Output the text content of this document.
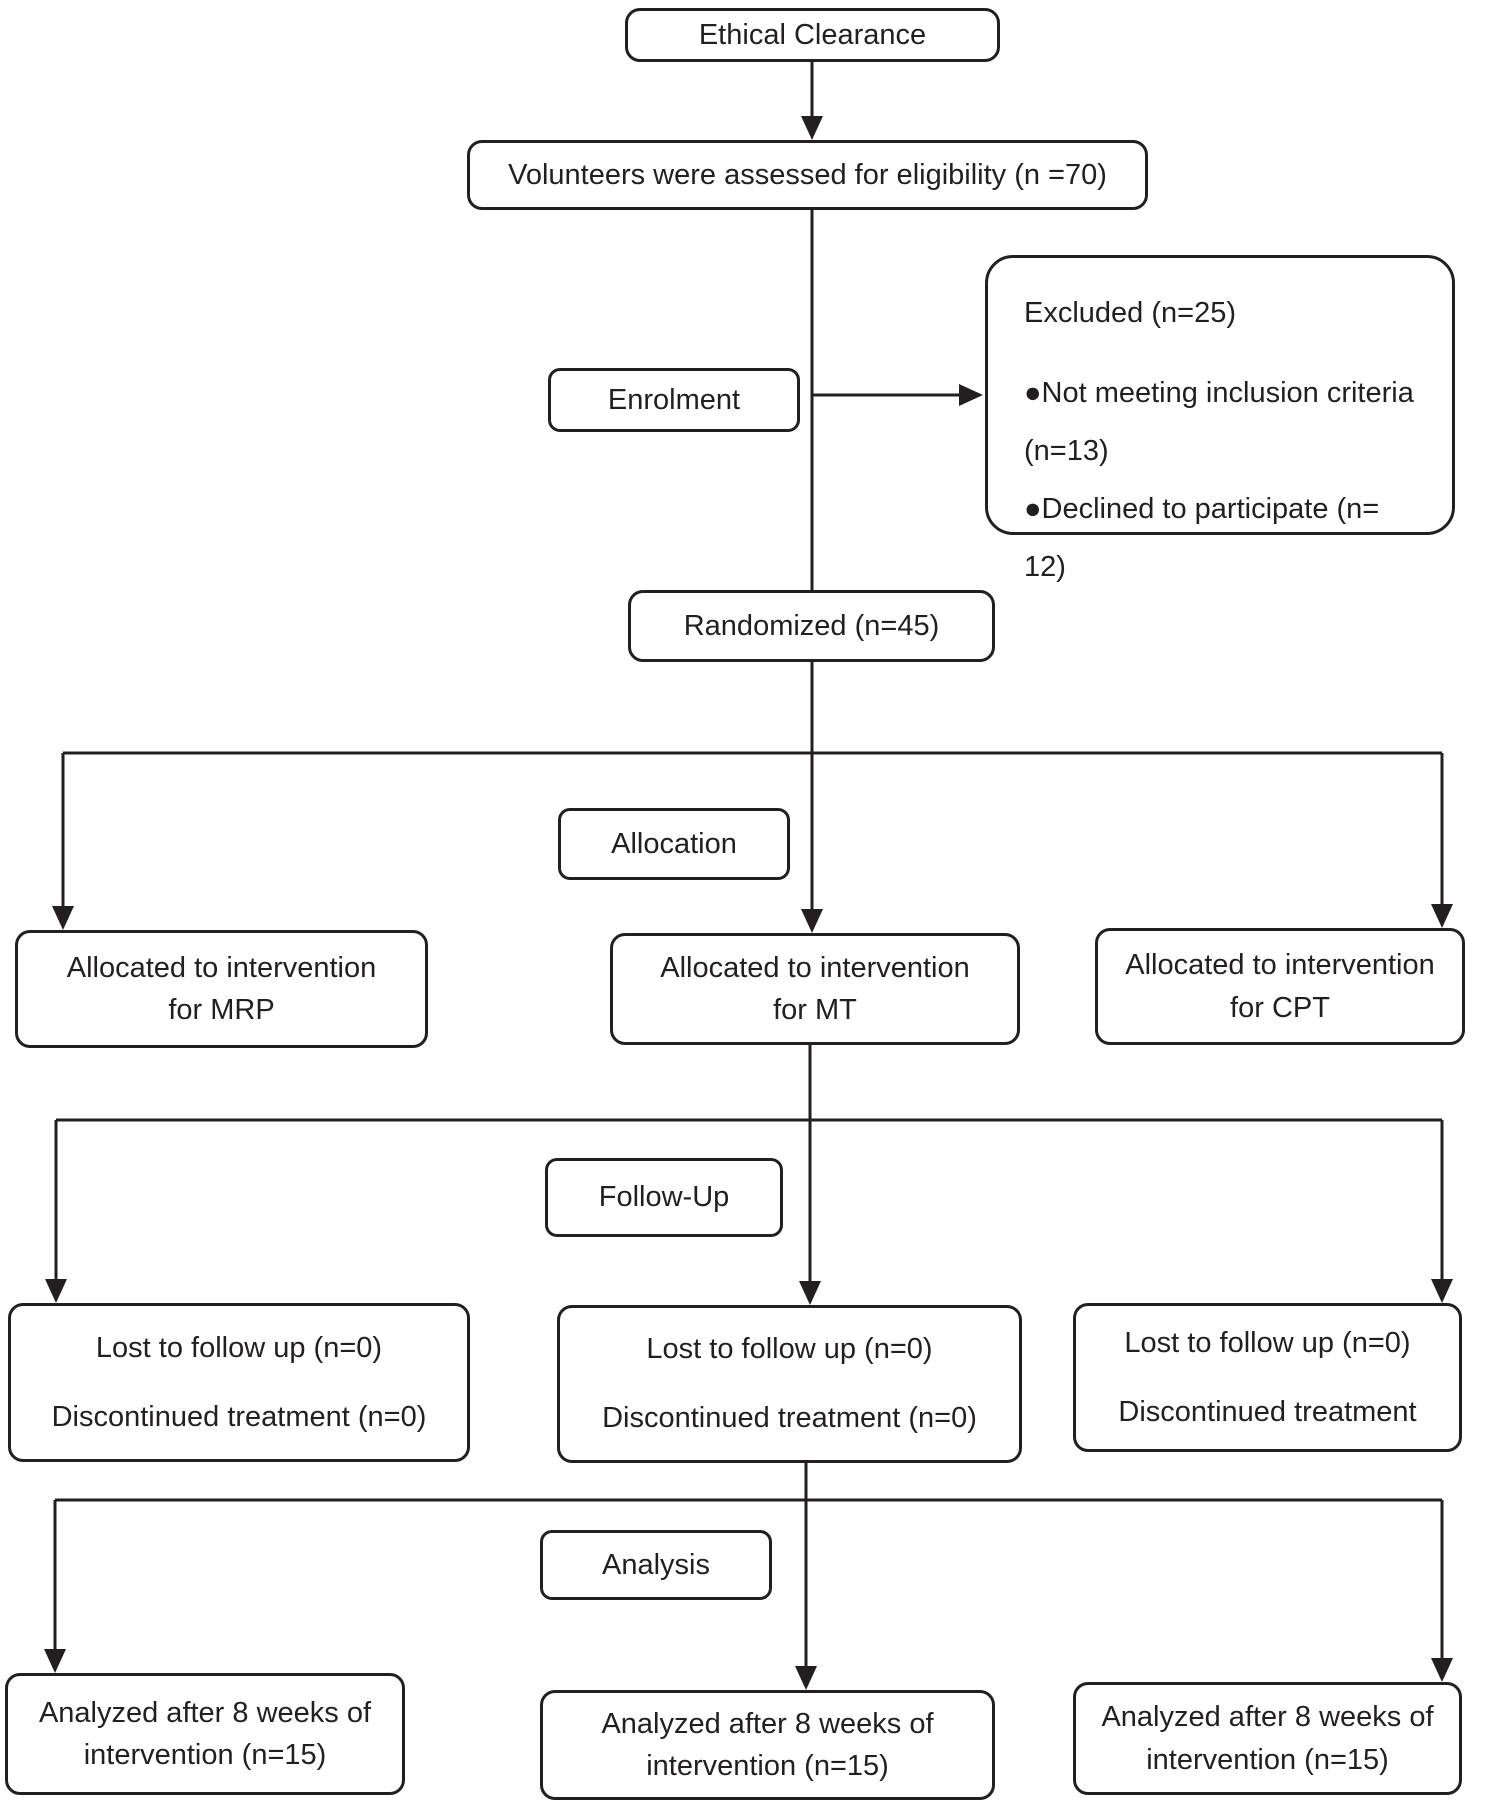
Ethical Clearance
Volunteers were assessed for eligibility (n =70)
Enrolment
Excluded (n=25)
●Not meeting inclusion criteria
(n=13)
●Declined to participate (n= 12)
Randomized (n=45)
Allocation
Allocated to intervention
for MRP
Allocated to intervention
for MT
Allocated to intervention
for CPT
Follow-Up
Lost to follow up (n=0)
Discontinued treatment (n=0)
Lost to follow up (n=0)
Discontinued treatment (n=0)
Lost to follow up (n=0)
Discontinued treatment
Analysis
Analyzed after 8 weeks of
intervention (n=15)
Analyzed after 8 weeks of
intervention (n=15)
Analyzed after 8 weeks of
intervention (n=15)
